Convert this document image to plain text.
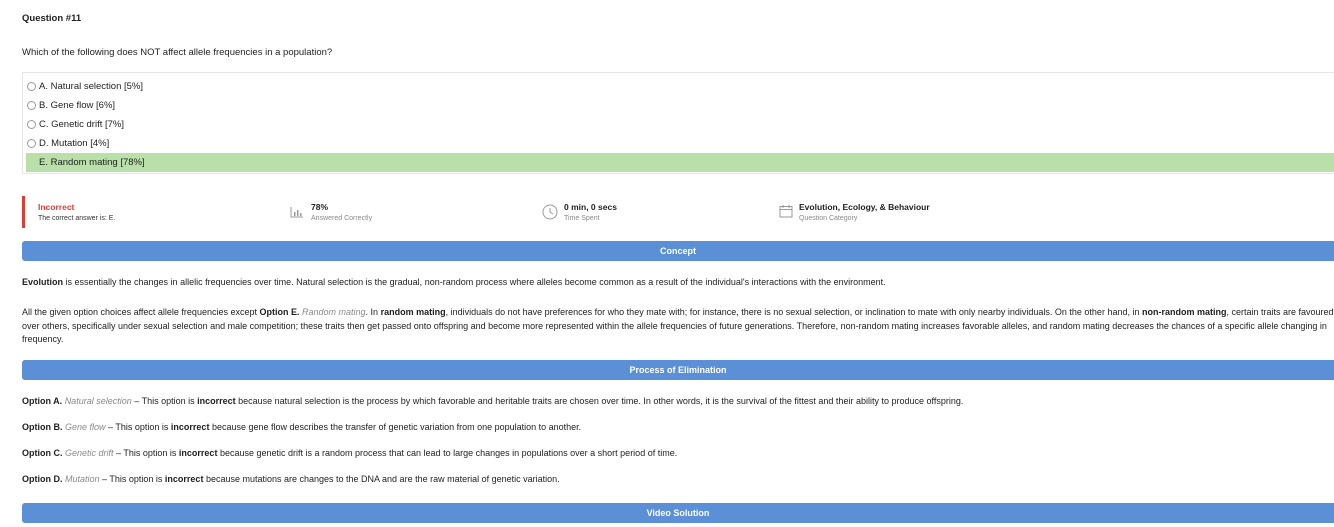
Question #11
Which of the following does NOT affect allele frequencies in a population?
A. Natural selection [5%]
B. Gene flow [6%]
C. Genetic drift [7%]
D. Mutation [4%]
E. Random mating [78%]
Incorrect
The correct answer is: E.
78%
Answered Correctly
0 min, 0 secs
Time Spent
Evolution, Ecology, & Behaviour
Question Category
Concept
Evolution is essentially the changes in allelic frequencies over time. Natural selection is the gradual, non-random process where alleles become common as a result of the individual's interactions with the environment.
All the given option choices affect allele frequencies except Option E. Random mating. In random mating, individuals do not have preferences for who they mate with; for instance, there is no sexual selection, or inclination to mate with only nearby individuals. On the other hand, in non-random mating, certain traits are favoured over others, specifically under sexual selection and male competition; these traits then get passed onto offspring and become more represented within the allele frequencies of future generations. Therefore, non-random mating increases favorable alleles, and random mating decreases the chances of a specific allele changing in frequency.
Process of Elimination
Option A. Natural selection – This option is incorrect because natural selection is the process by which favorable and heritable traits are chosen over time. In other words, it is the survival of the fittest and their ability to produce offspring.
Option B. Gene flow – This option is incorrect because gene flow describes the transfer of genetic variation from one population to another.
Option C. Genetic drift – This option is incorrect because genetic drift is a random process that can lead to large changes in populations over a short period of time.
Option D. Mutation – This option is incorrect because mutations are changes to the DNA and are the raw material of genetic variation.
Video Solution
